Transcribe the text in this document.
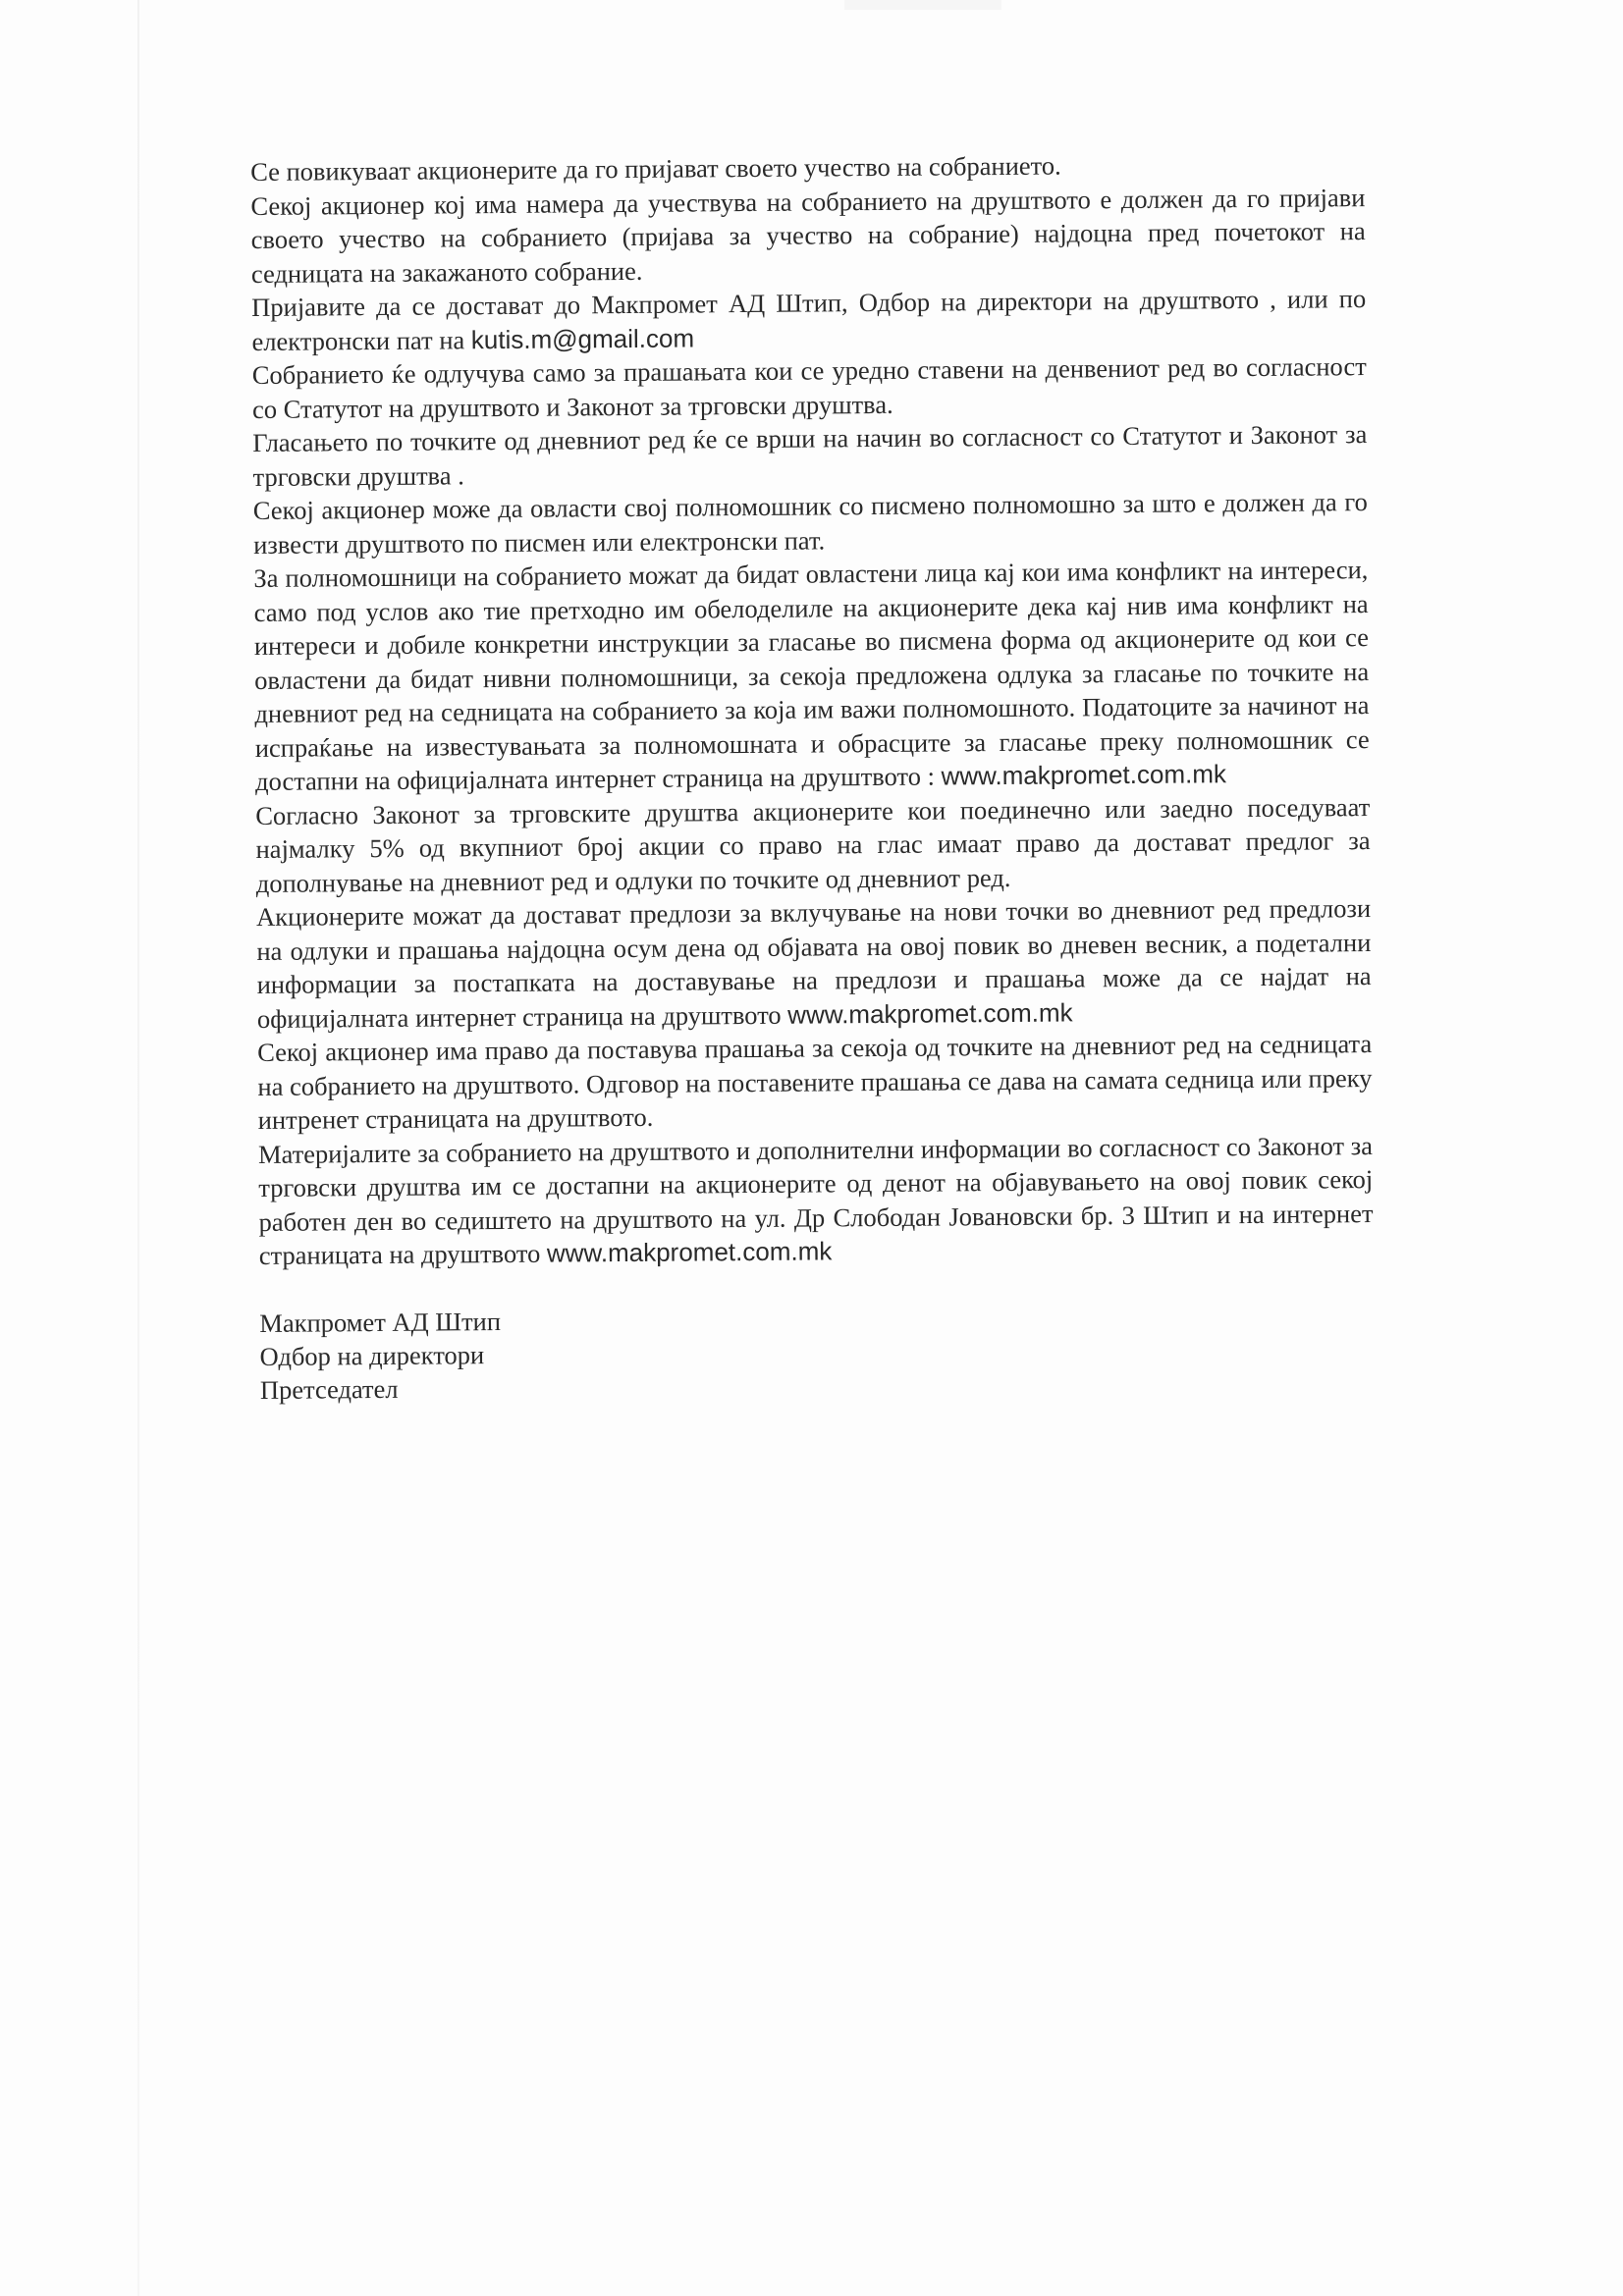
Се повикуваат акционерите да го пријават своето учество на собранието.

Секој акционер кој има намера да учествува на собранието на друштвото е должен да го пријави своето учество на собранието (пријава за учество на собрание) најдоцна пред почетокот на седницата на закажаното собрание.

Пријавите да се доставaт до Макпромет АД Штип, Одбор на директори на друштвото , или по електронски пат на kutis.m@gmail.com

Собранието ќе одлучува само за прашањата кои се уредно ставени на денвениот ред во согласност со Статутот на друштвото и Законот за трговски друштва.

Гласањето по точките од дневниот ред ќе се врши на начин во согласност со Статутот и Законот за трговски друштва .

Секој акционер може да овласти свој полномошник со писмено полномошно за што е должен да го извести друштвото по писмен или електронски пат.

За полномошници на собранието можат да бидат овластени лица кај кои има конфликт на интереси, само под услов ако тие претходно им обелоделиле на акционерите дека кај нив има конфликт на интереси и добиле конкретни инструкции за гласање во писмена форма од акционерите од кои се овластени да бидат нивни полномошници, за секоја предложена одлука за гласање по точките на дневниот ред на седницата на собранието за која им важи полномошното. Податоците за начинот на испраќање на известувањата за полномошната и обрасците за гласање преку полномошник се достапни на официјалната интернет страница на друштвото : www.makpromet.com.mk

Согласно Законот за трговските друштва акционерите кои поединечно или заедно поседуваат најмалку 5% од вкупниот број акции со право на глас имаат право да доставaт предлог за дополнување на дневниот ред и одлуки по точките од дневниот ред.

Акционерите можат да доставaт предлози за вклучување на нови точки во дневниот ред предлози на одлуки и прашања најдоцна осум дена од објавата на овој повик во дневен весник, а подетални информации за постапката на доставување на предлози и прашања може да се најдат на официјалната интернет страница на друштвото www.makpromet.com.mk

Секој акционер има право да поставува прашања за секоја од точките на дневниот ред на седницата на собранието на друштвото. Одговор на поставените прашања се дава на самата седница или преку интренет страницата на друштвото.

Материјалите за собранието на друштвото и дополнителни информации во согласност со Законот за трговски друштва им се достапни на акционерите од денот на објавувањето на овој повик секој работен ден во седиштето на друштвото на ул. Др Слободан Јовановски бр. 3 Штип и на интернет страницата на друштвото www.makpromet.com.mk

Макпромет АД Штип
Одбор на директори
Претседател
